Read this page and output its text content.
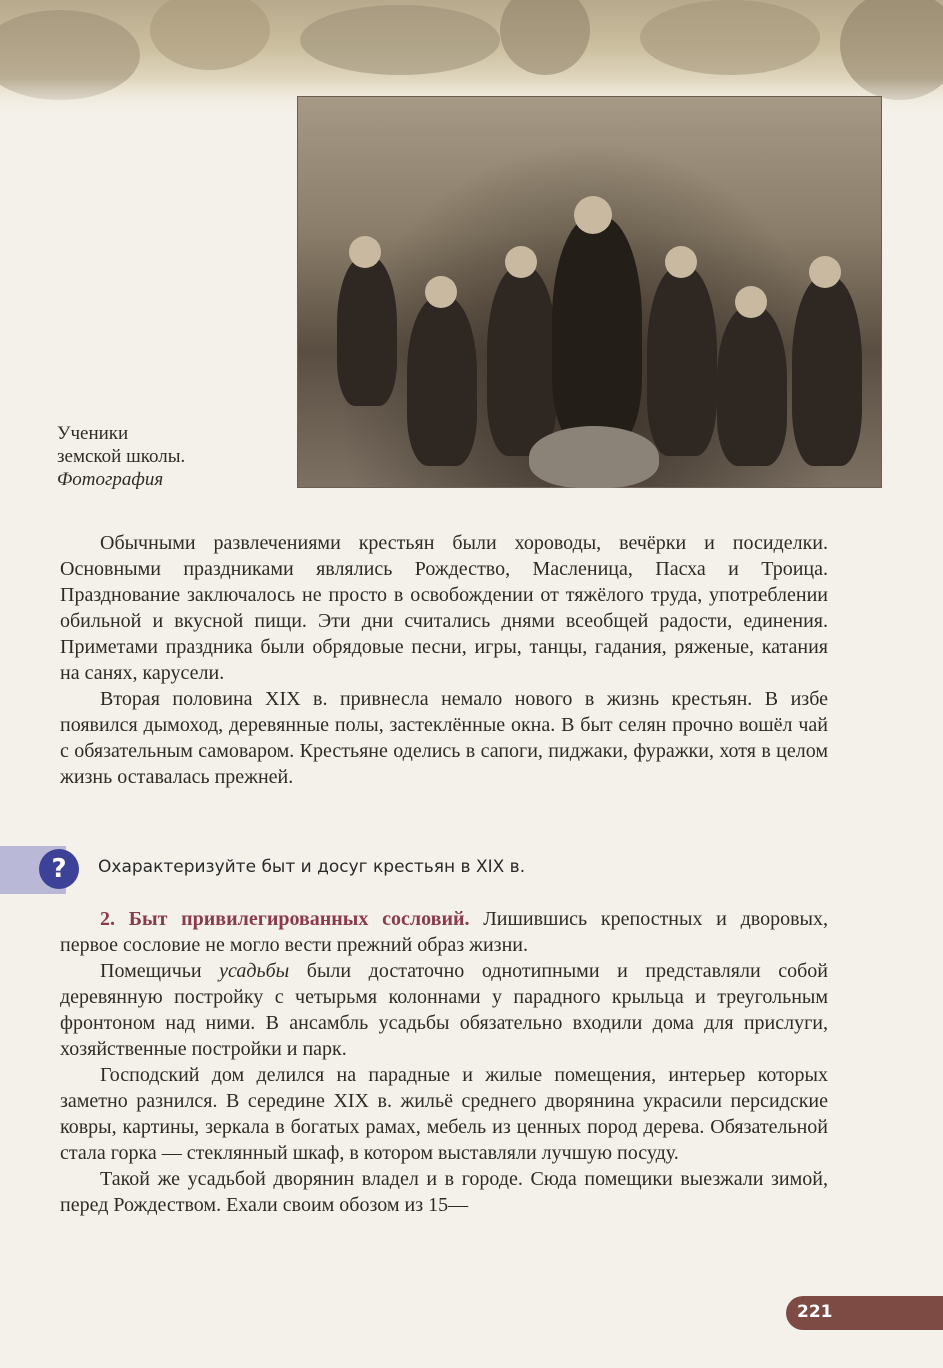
Ученики
земской школы.
Фотография

Обычными развлечениями крестьян были хороводы, вечёрки и посиделки. Основными праздниками являлись Рождество, Масленица, Пасха и Троица. Празднование заключалось не просто в освобождении от тяжёлого труда, употреблении обильной и вкусной пищи. Эти дни считались днями всеобщей радости, единения. Приметами праздника были обрядовые песни, игры, танцы, гадания, ряженые, катания на санях, карусели.

Вторая половина XIX в. привнесла немало нового в жизнь крестьян. В избе появился дымоход, деревянные полы, застеклённые окна. В быт селян прочно вошёл чай с обязательным самоваром. Крестьяне оделись в сапоги, пиджаки, фуражки, хотя в целом жизнь оставалась прежней.

? Охарактеризуйте быт и досуг крестьян в XIX в.

2. Быт привилегированных сословий. Лишившись крепостных и дворовых, первое сословие не могло вести прежний образ жизни.

Помещичьи усадьбы были достаточно однотипными и представляли собой деревянную постройку с четырьмя колоннами у парадного крыльца и треугольным фронтоном над ними. В ансамбль усадьбы обязательно входили дома для прислуги, хозяйственные постройки и парк.

Господский дом делился на парадные и жилые помещения, интерьер которых заметно разнился. В середине XIX в. жильё среднего дворянина украсили персидские ковры, картины, зеркала в богатых рамах, мебель из ценных пород дерева. Обязательной стала горка — стеклянный шкаф, в котором выставляли лучшую посуду.

Такой же усадьбой дворянин владел и в городе. Сюда помещики выезжали зимой, перед Рождеством. Ехали своим обозом из 15—

221
